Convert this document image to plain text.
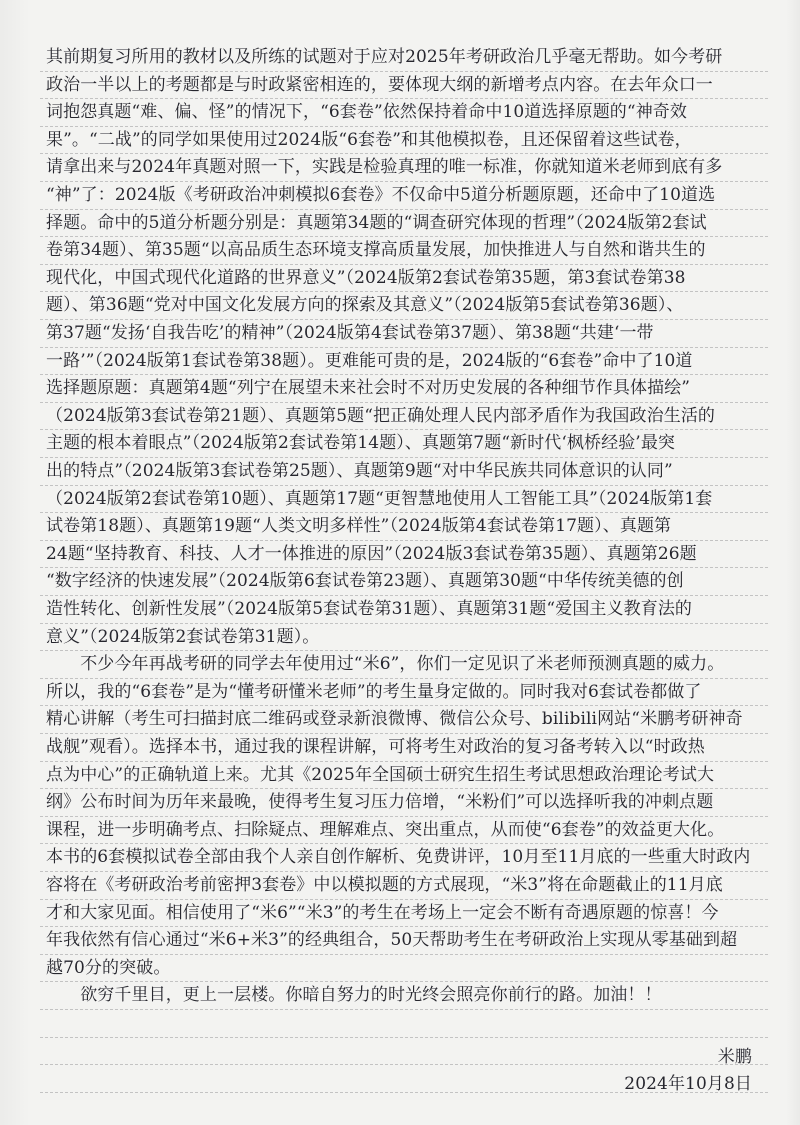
其前期复习所用的教材以及所练的试题对于应对2025年考研政治几乎毫无帮助。如今考研
政治一半以上的考题都是与时政紧密相连的，要体现大纲的新增考点内容。在去年众口一
词抱怨真题“难、偏、怪”的情况下，“6套卷”依然保持着命中10道选择原题的“神奇效
果”。“二战”的同学如果使用过2024版“6套卷”和其他模拟卷，且还保留着这些试卷，
请拿出来与2024年真题对照一下，实践是检验真理的唯一标准，你就知道米老师到底有多
“神”了：2024版《考研政治冲刺模拟6套卷》不仅命中5道分析题原题，还命中了10道选
择题。命中的5道分析题分别是：真题第34题的“调查研究体现的哲理”（2024版第2套试
卷第34题）、第35题“以高品质生态环境支撑高质量发展，加快推进人与自然和谐共生的
现代化，中国式现代化道路的世界意义”（2024版第2套试卷第35题，第3套试卷第38
题）、第36题“党对中国文化发展方向的探索及其意义”（2024版第5套试卷第36题）、
第37题“发扬‘自我告吃’的精神”（2024版第4套试卷第37题）、第38题“共建‘一带
一路’”（2024版第1套试卷第38题）。更难能可贵的是，2024版的“6套卷”命中了10道
选择题原题：真题第4题“列宁在展望未来社会时不对历史发展的各种细节作具体描绘”
（2024版第3套试卷第21题）、真题第5题“把正确处理人民内部矛盾作为我国政治生活的
主题的根本着眼点”（2024版第2套试卷第14题）、真题第7题“新时代‘枫桥经验’最突
出的特点”（2024版第3套试卷第25题）、真题第9题“对中华民族共同体意识的认同”
（2024版第2套试卷第10题）、真题第17题“更智慧地使用人工智能工具”（2024版第1套
试卷第18题）、真题第19题“人类文明多样性”（2024版第4套试卷第17题）、真题第
24题“坚持教育、科技、人才一体推进的原因”（2024版3套试卷第35题）、真题第26题
“数字经济的快速发展”（2024版第6套试卷第23题）、真题第30题“中华传统美德的创
造性转化、创新性发展”（2024版第5套试卷第31题）、真题第31题“爱国主义教育法的
意义”（2024版第2套试卷第31题）。
　　不少今年再战考研的同学去年使用过“米6”，你们一定见识了米老师预测真题的威力。
所以，我的“6套卷”是为“懂考研懂米老师”的考生量身定做的。同时我对6套试卷都做了
精心讲解（考生可扫描封底二维码或登录新浪微博、微信公众号、bilibili网站“米鹏考研神奇
战舰”观看）。选择本书，通过我的课程讲解，可将考生对政治的复习备考转入以“时政热
点为中心”的正确轨道上来。尤其《2025年全国硕士研究生招生考试思想政治理论考试大
纲》公布时间为历年来最晚，使得考生复习压力倍增，“米粉们”可以选择听我的冲刺点题
课程，进一步明确考点、扫除疑点、理解难点、突出重点，从而使“6套卷”的效益更大化。
本书的6套模拟试卷全部由我个人亲自创作解析、免费讲评，10月至11月底的一些重大时政内
容将在《考研政治考前密押3套卷》中以模拟题的方式展现，“米3”将在命题截止的11月底
才和大家见面。相信使用了“米6”“米3”的考生在考场上一定会不断有奇遇原题的惊喜！今
年我依然有信心通过“米6+米3”的经典组合，50天帮助考生在考研政治上实现从零基础到超
越70分的突破。
　　欲穷千里目，更上一层楼。你暗自努力的时光终会照亮你前行的路。加油！！
米鹏
2024年10月8日
